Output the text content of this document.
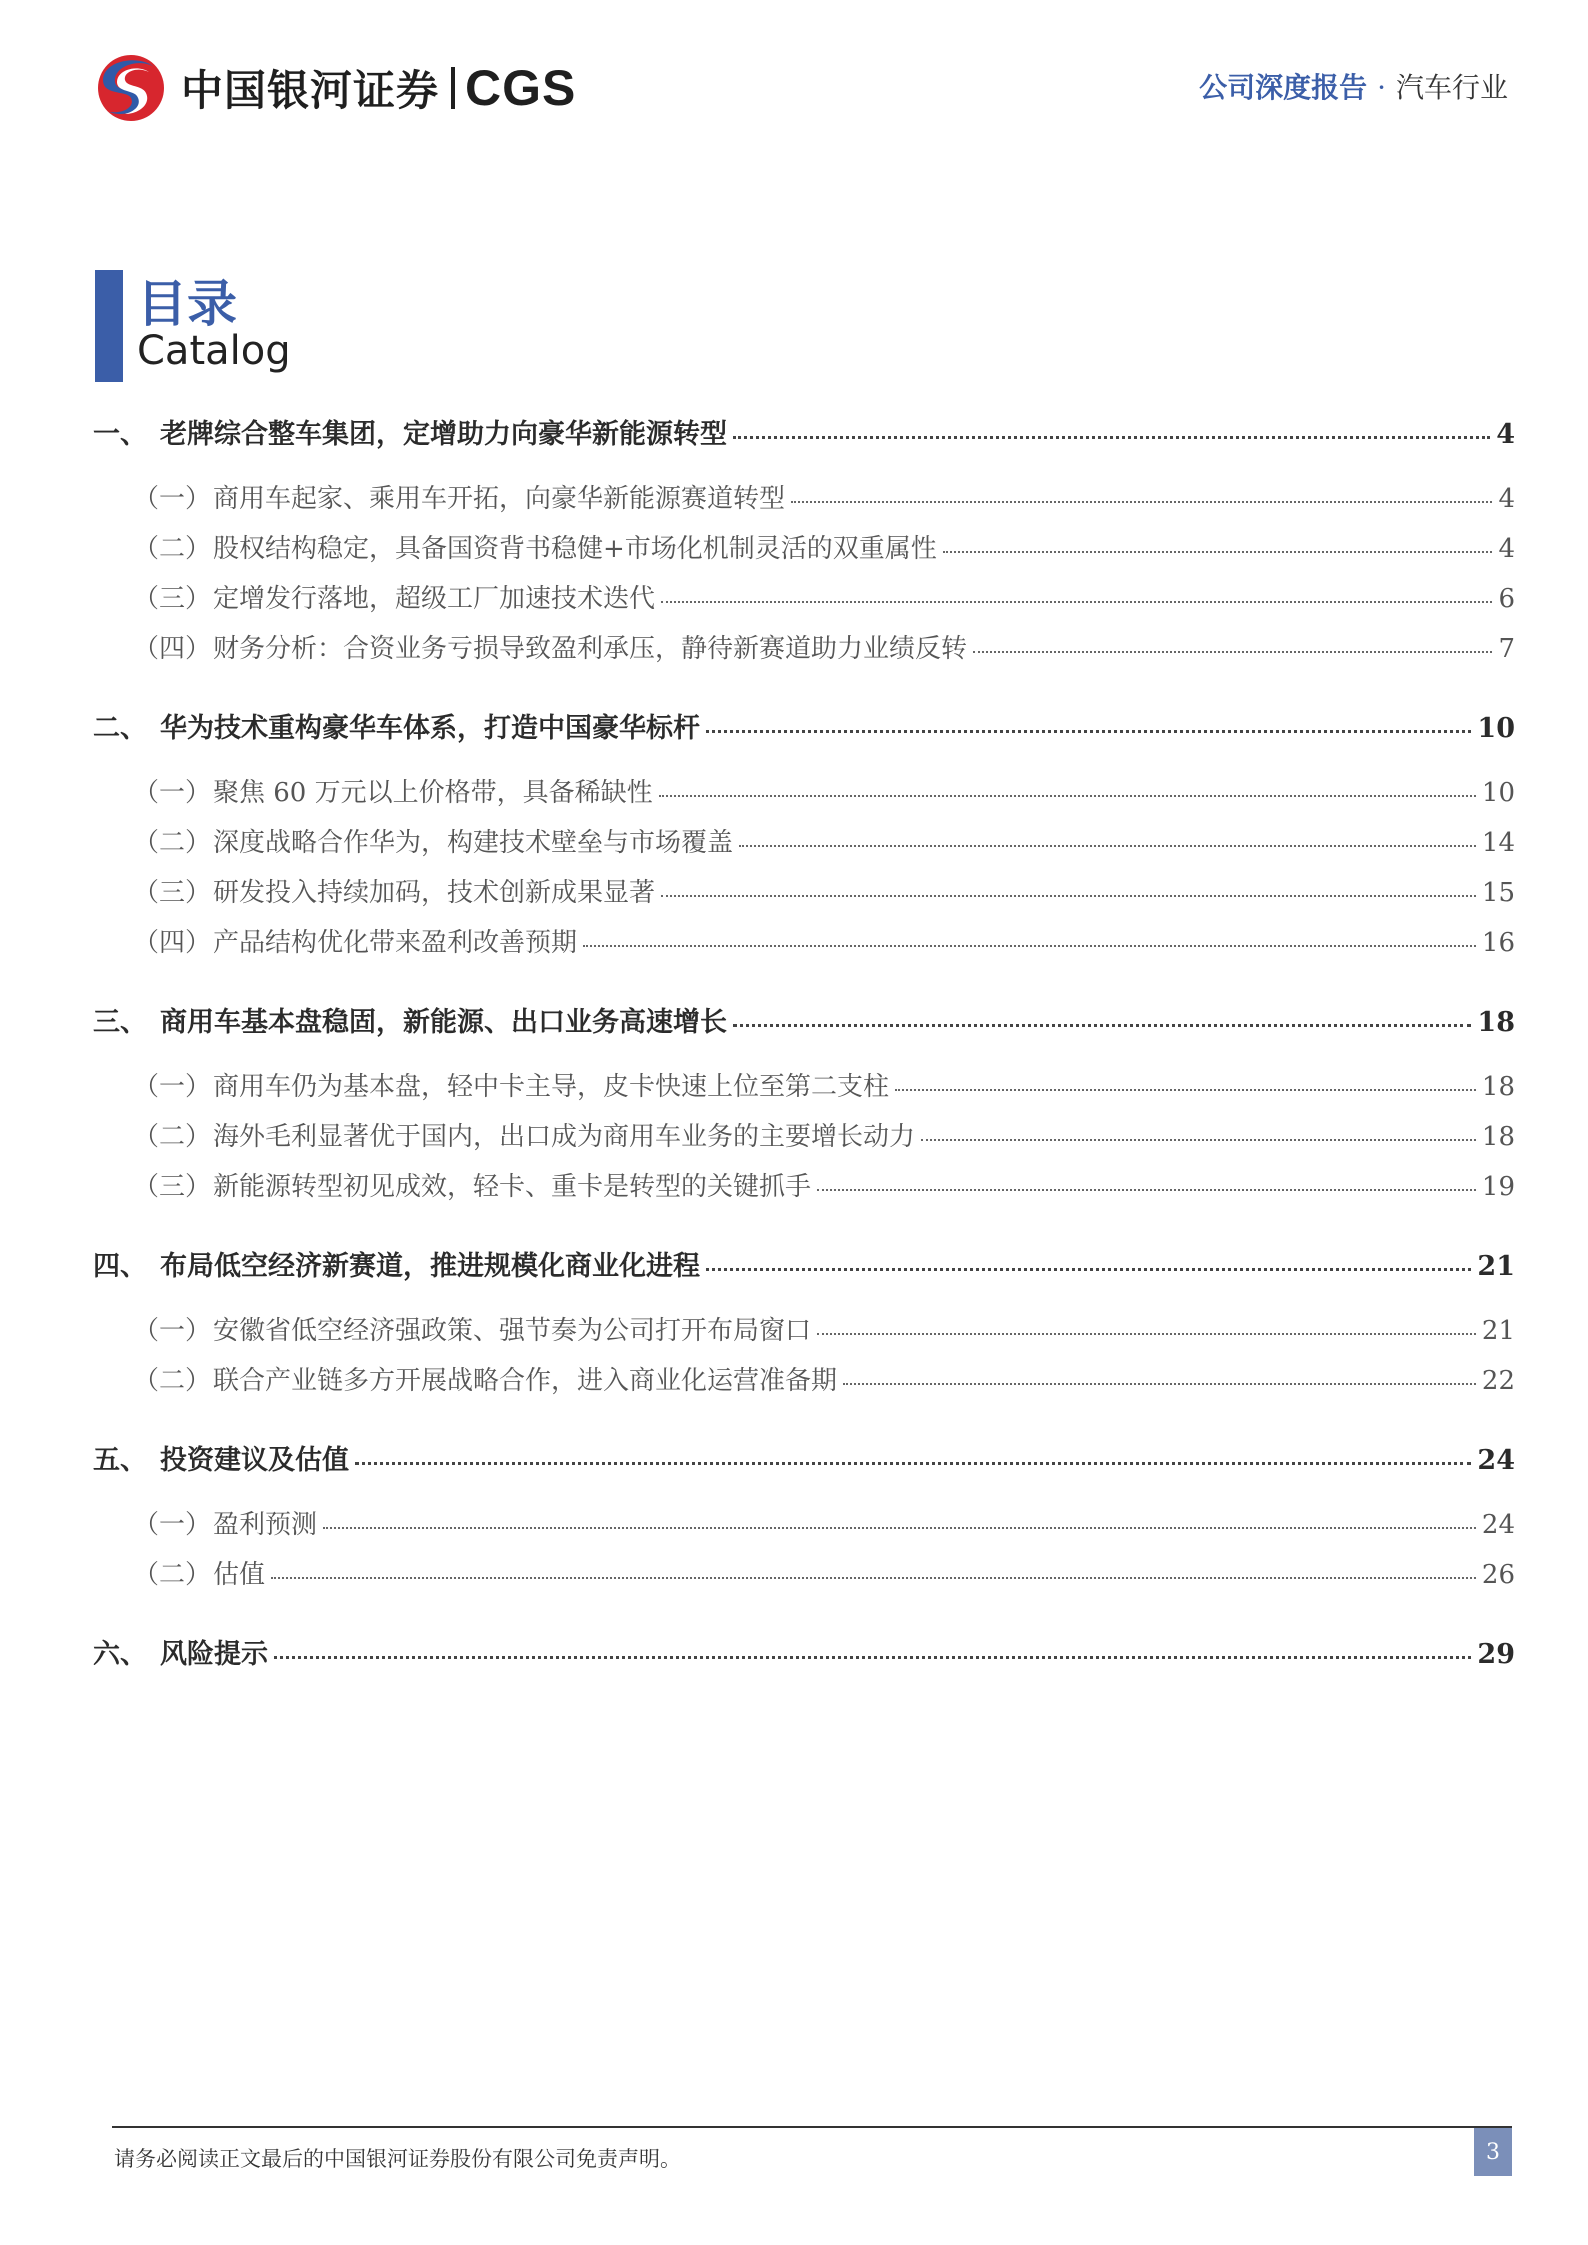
中国银河证券 CGS	公司深度报告 · 汽车行业
目录
Catalog
一、 老牌综合整车集团，定增助力向豪华新能源转型	4
（一） 商用车起家、乘用车开拓，向豪华新能源赛道转型	4
（二） 股权结构稳定，具备国资背书稳健+市场化机制灵活的双重属性	4
（三） 定增发行落地，超级工厂加速技术迭代	6
（四） 财务分析：合资业务亏损导致盈利承压，静待新赛道助力业绩反转	7
二、 华为技术重构豪华车体系，打造中国豪华标杆	10
（一） 聚焦 60 万元以上价格带，具备稀缺性	10
（二） 深度战略合作华为，构建技术壁垒与市场覆盖	14
（三） 研发投入持续加码，技术创新成果显著	15
（四） 产品结构优化带来盈利改善预期	16
三、 商用车基本盘稳固，新能源、出口业务高速增长	18
（一） 商用车仍为基本盘，轻中卡主导，皮卡快速上位至第二支柱	18
（二） 海外毛利显著优于国内，出口成为商用车业务的主要增长动力	18
（三） 新能源转型初见成效，轻卡、重卡是转型的关键抓手	19
四、 布局低空经济新赛道，推进规模化商业化进程	21
（一） 安徽省低空经济强政策、强节奏为公司打开布局窗口	21
（二） 联合产业链多方开展战略合作，进入商业化运营准备期	22
五、 投资建议及估值	24
（一） 盈利预测	24
（二） 估值	26
六、 风险提示	29
请务必阅读正文最后的中国银河证券股份有限公司免责声明。	3
